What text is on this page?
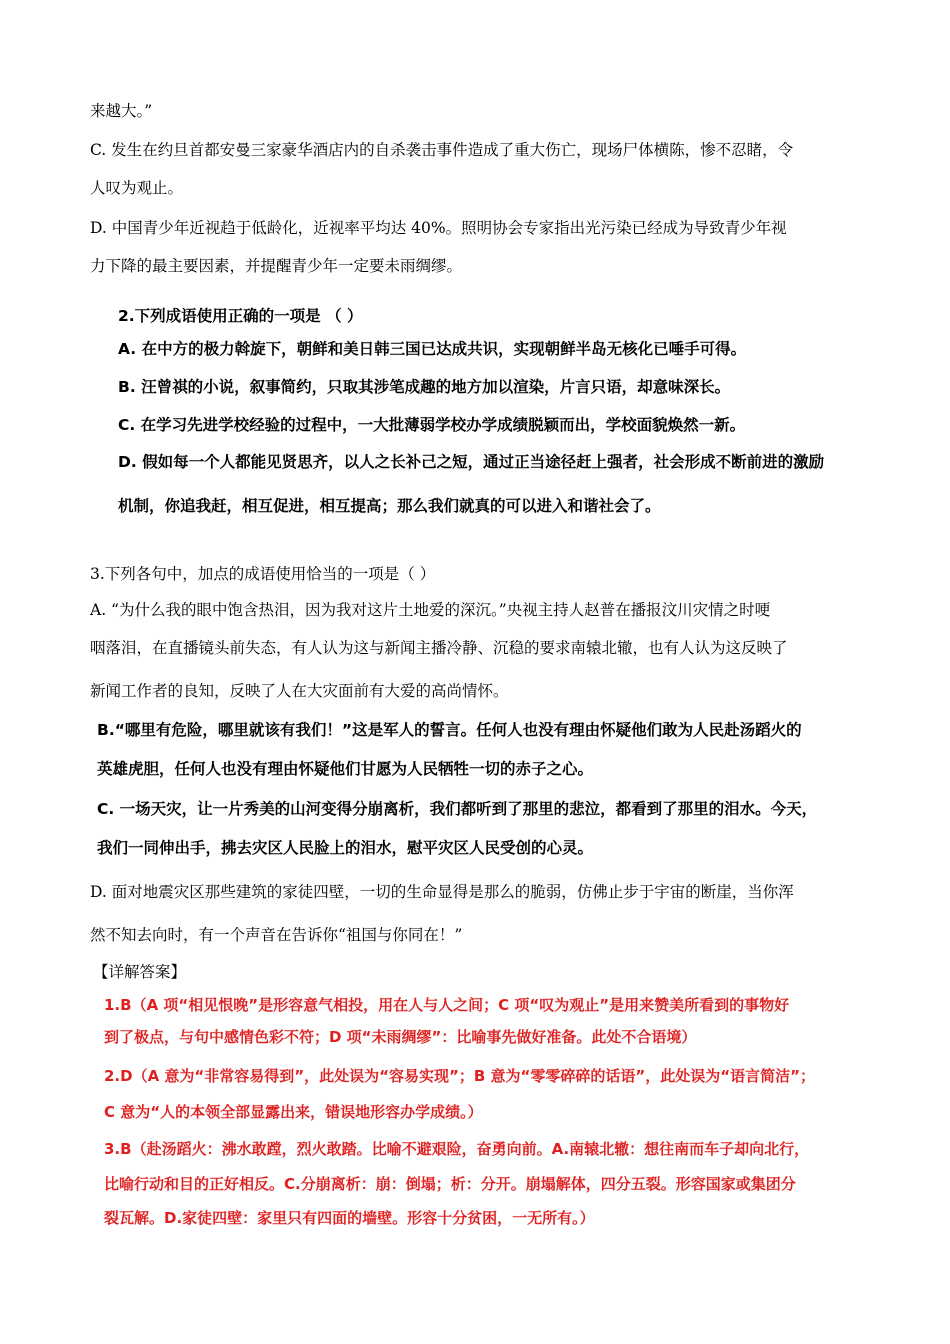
来越大。”
C. 发生在约旦首都安曼三家豪华酒店内的自杀袭击事件造成了重大伤亡，现场尸体横陈，惨不忍睹，令
人叹为观止。
D. 中国青少年近视趋于低龄化，近视率平均达 40%。照明协会专家指出光污染已经成为导致青少年视
力下降的最主要因素，并提醒青少年一定要未雨绸缪。
2.下列成语使用正确的一项是 （ ）
A. 在中方的极力斡旋下，朝鲜和美日韩三国已达成共识，实现朝鲜半岛无核化已唾手可得。
B. 汪曾祺的小说，叙事简约，只取其涉笔成趣的地方加以渲染，片言只语，却意味深长。
C. 在学习先进学校经验的过程中，一大批薄弱学校办学成绩脱颖而出，学校面貌焕然一新。
D. 假如每一个人都能见贤思齐，以人之长补己之短，通过正当途径赶上强者，社会形成不断前进的激励
机制，你追我赶，相互促进，相互提高；那么我们就真的可以进入和谐社会了。
3.下列各句中，加点的成语使用恰当的一项是（ ）
A. “为什么我的眼中饱含热泪，因为我对这片土地爱的深沉。”央视主持人赵普在播报汶川灾情之时哽
咽落泪，在直播镜头前失态，有人认为这与新闻主播冷静、沉稳的要求南辕北辙，也有人认为这反映了
新闻工作者的良知，反映了人在大灾面前有大爱的高尚情怀。
B.“哪里有危险，哪里就该有我们！”这是军人的誓言。任何人也没有理由怀疑他们敢为人民赴汤蹈火的
英雄虎胆，任何人也没有理由怀疑他们甘愿为人民牺牲一切的赤子之心。
C. 一场天灾，让一片秀美的山河变得分崩离析，我们都听到了那里的悲泣，都看到了那里的泪水。今天，
我们一同伸出手，拂去灾区人民脸上的泪水，慰平灾区人民受创的心灵。
D. 面对地震灾区那些建筑的家徒四壁，一切的生命显得是那么的脆弱，仿佛止步于宇宙的断崖，当你浑
然不知去向时，有一个声音在告诉你“祖国与你同在！”
【详解答案】
1.B（A 项“相见恨晚”是形容意气相投，用在人与人之间；C 项“叹为观止”是用来赞美所看到的事物好
到了极点，与句中感情色彩不符；D 项“未雨绸缪”：比喻事先做好准备。此处不合语境）
2.D（A 意为“非常容易得到”，此处误为“容易实现”；B 意为“零零碎碎的话语”，此处误为“语言简洁”；
C 意为“人的本领全部显露出来，错误地形容办学成绩。）
3.B（赴汤蹈火：沸水敢蹚，烈火敢踏。比喻不避艰险，奋勇向前。A.南辕北辙：想往南而车子却向北行，
比喻行动和目的正好相反。C.分崩离析：崩：倒塌；析：分开。崩塌解体，四分五裂。形容国家或集团分
裂瓦解。D.家徒四壁：家里只有四面的墙壁。形容十分贫困，一无所有。）
